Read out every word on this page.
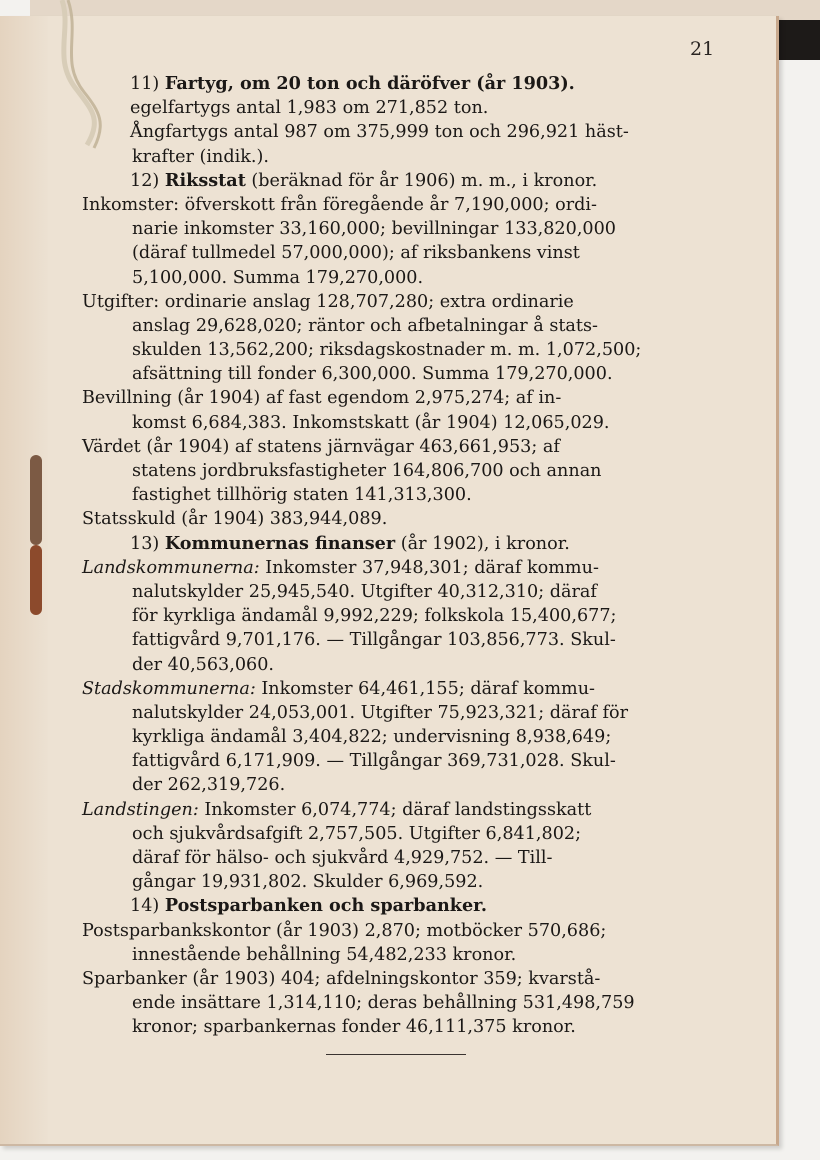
21
11) Fartyg, om 20 ton och däröfver (år 1903).
egelfartygs antal 1,983 om 271,852 ton.
Ångfartygs antal 987 om 375,999 ton och 296,921 häst-
krafter (indik.).
12) Riksstat (beräknad för år 1906) m. m., i kronor.
Inkomster: öfverskott från föregående år 7,190,000; ordi-
narie inkomster 33,160,000; bevillningar 133,820,000
(däraf tullmedel 57,000,000); af riksbankens vinst
5,100,000. Summa 179,270,000.
Utgifter: ordinarie anslag 128,707,280; extra ordinarie
anslag 29,628,020; räntor och afbetalningar å stats-
skulden 13,562,200; riksdagskostnader m. m. 1,072,500;
afsättning till fonder 6,300,000. Summa 179,270,000.
Bevillning (år 1904) af fast egendom 2,975,274; af in-
komst 6,684,383. Inkomstskatt (år 1904) 12,065,029.
Värdet (år 1904) af statens järnvägar 463,661,953; af
statens jordbruksfastigheter 164,806,700 och annan
fastighet tillhörig staten 141,313,300.
Statsskuld (år 1904) 383,944,089.
13) Kommunernas finanser (år 1902), i kronor.
Landskommunerna: Inkomster 37,948,301; däraf kommu-
nalutskylder 25,945,540. Utgifter 40,312,310; däraf
för kyrkliga ändamål 9,992,229; folkskola 15,400,677;
fattigvård 9,701,176. — Tillgångar 103,856,773. Skul-
der 40,563,060.
Stadskommunerna: Inkomster 64,461,155; däraf kommu-
nalutskylder 24,053,001. Utgifter 75,923,321; däraf för
kyrkliga ändamål 3,404,822; undervisning 8,938,649;
fattigvård 6,171,909. — Tillgångar 369,731,028. Skul-
der 262,319,726.
Landstingen: Inkomster 6,074,774; däraf landstingsskatt
och sjukvårdsafgift 2,757,505. Utgifter 6,841,802;
däraf för hälso- och sjukvård 4,929,752. — Till-
gångar 19,931,802. Skulder 6,969,592.
14) Postsparbanken och sparbanker.
Postsparbankskontor (år 1903) 2,870; motböcker 570,686;
innestående behållning 54,482,233 kronor.
Sparbanker (år 1903) 404; afdelningskontor 359; kvarstå-
ende insättare 1,314,110; deras behållning 531,498,759
kronor; sparbankernas fonder 46,111,375 kronor.
